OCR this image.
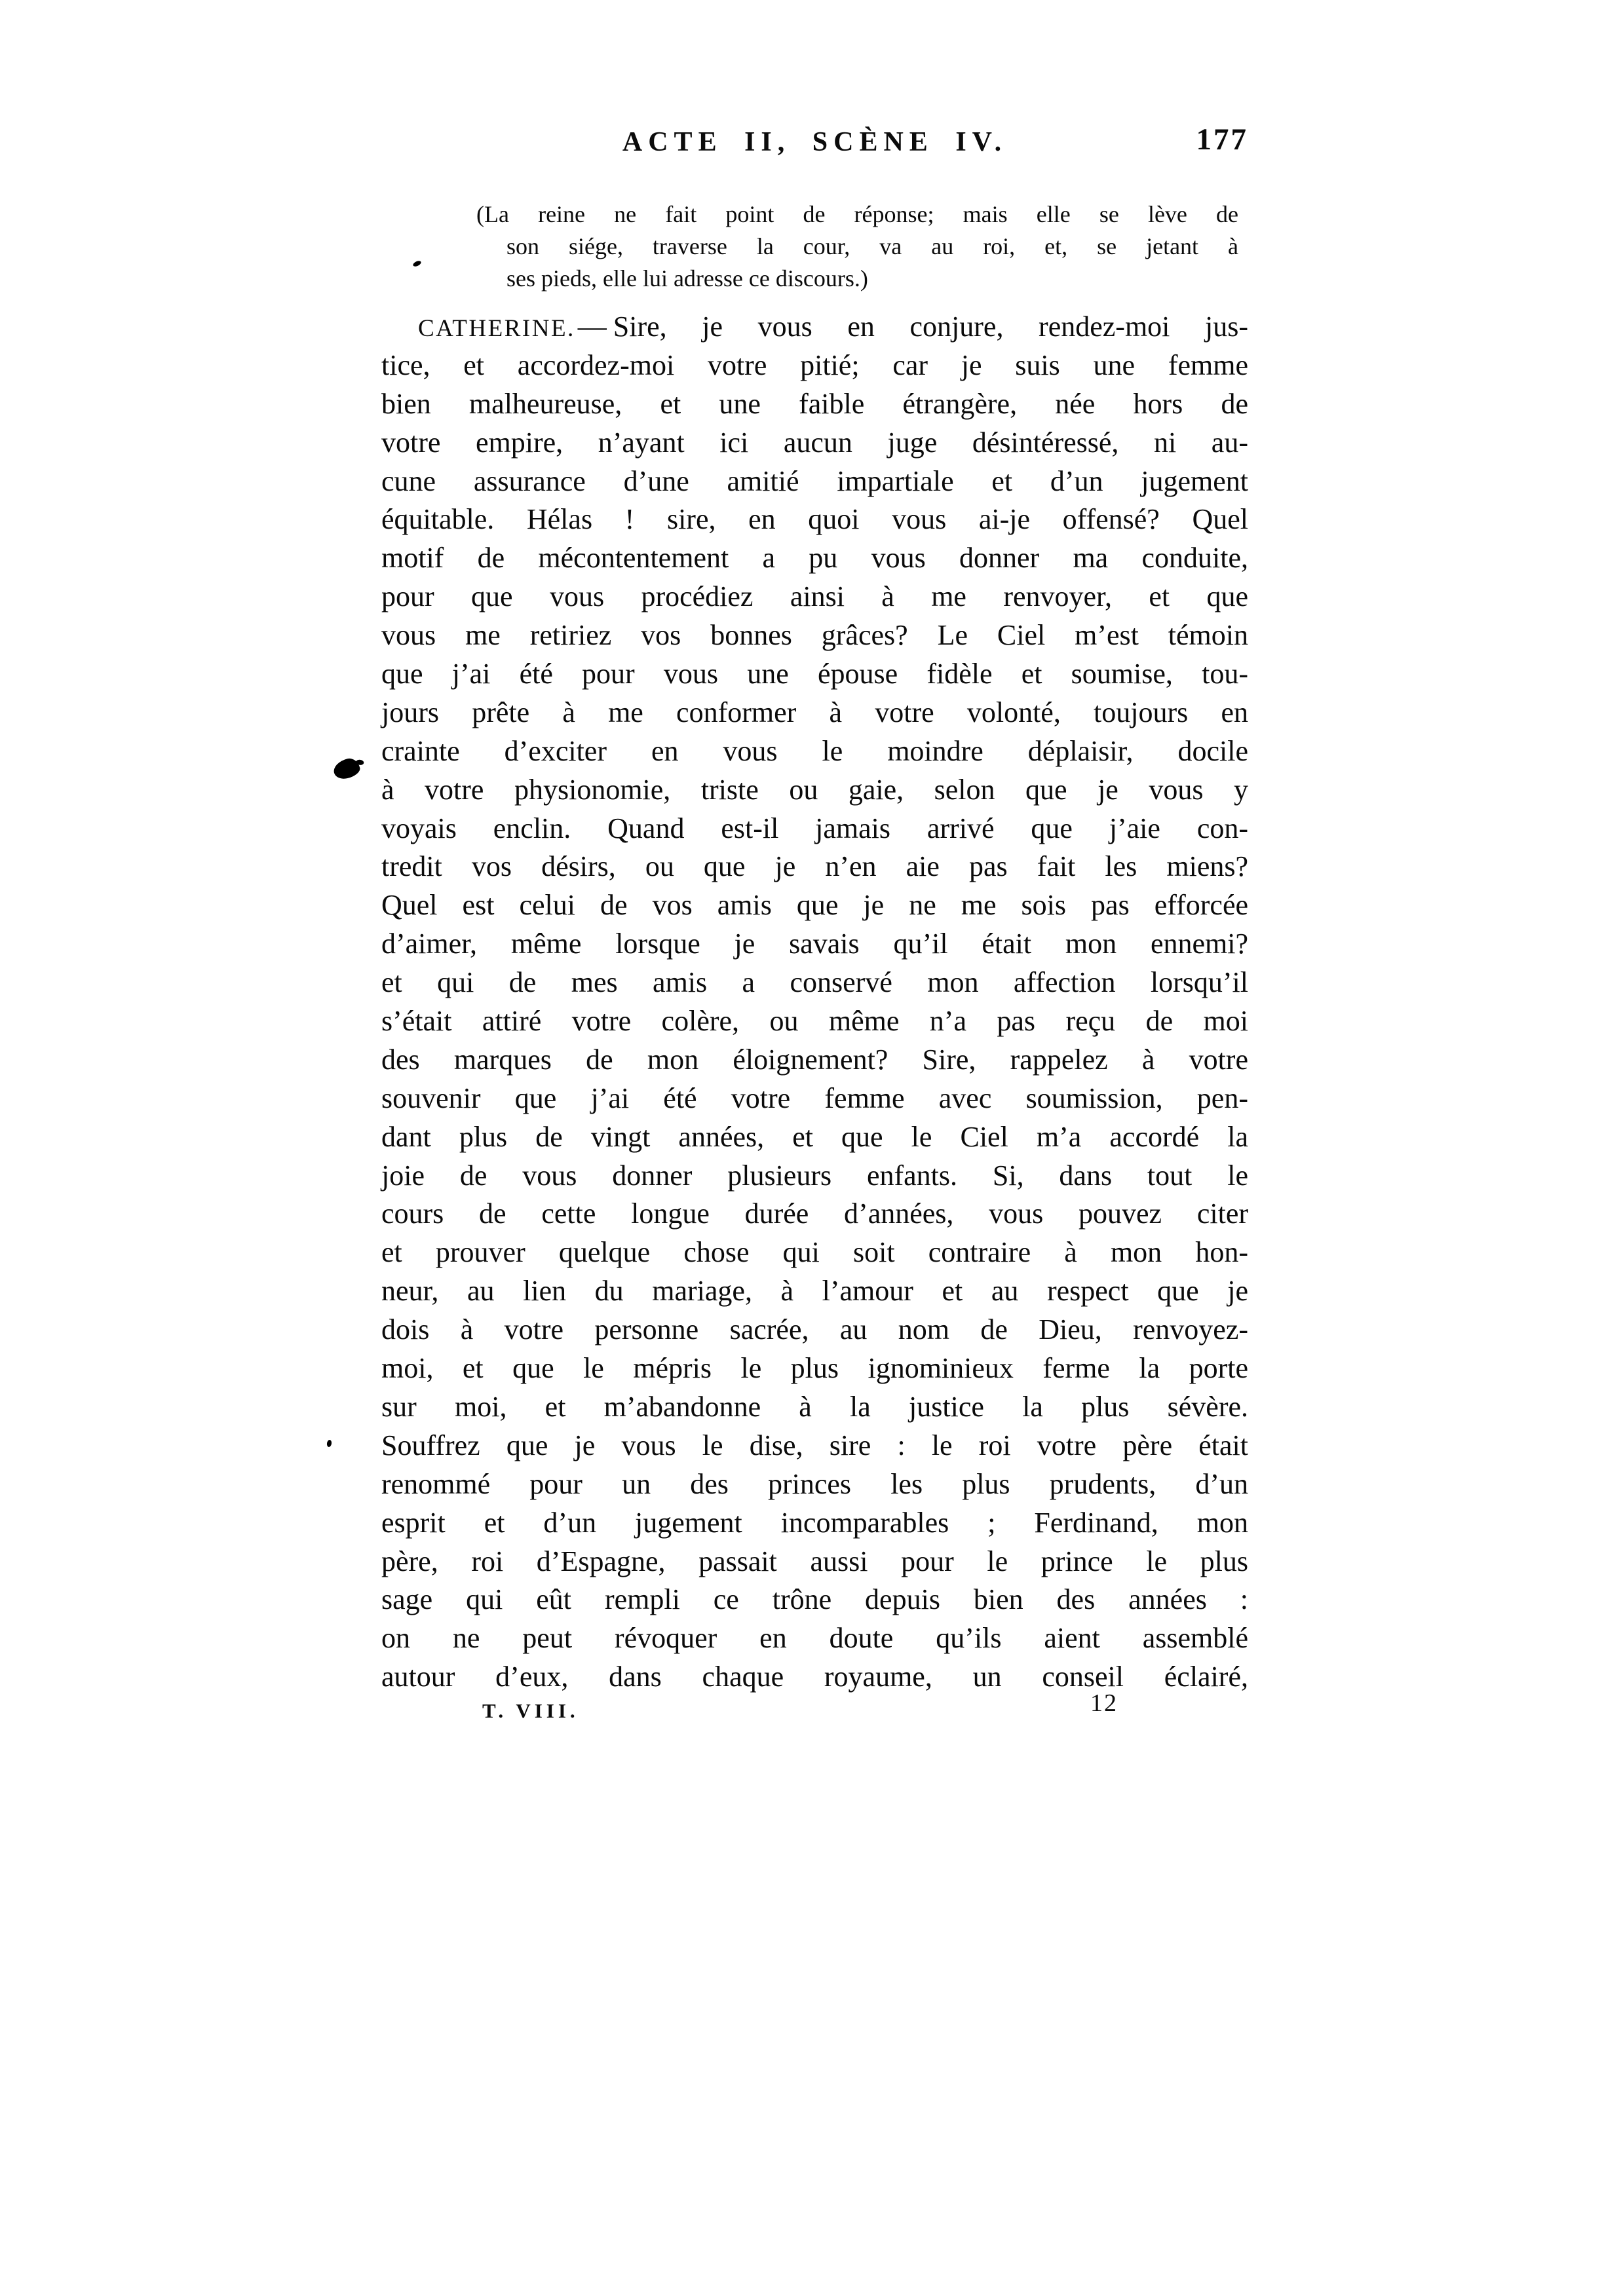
ACTE II, SCÈNE IV.	177
(La reine ne fait point de réponse; mais elle se lève de
son siége, traverse la cour, va au roi, et, se jetant à
ses pieds, elle lui adresse ce discours.)
CATHERINE.— Sire, je vous en conjure, rendez-moi jus-
tice, et accordez-moi votre pitié; car je suis une femme
bien malheureuse, et une faible étrangère, née hors de
votre empire, n’ayant ici aucun juge désintéressé, ni au-
cune assurance d’une amitié impartiale et d’un jugement
équitable. Hélas ! sire, en quoi vous ai-je offensé? Quel
motif de mécontentement a pu vous donner ma conduite,
pour que vous procédiez ainsi à me renvoyer, et que
vous me retiriez vos bonnes grâces? Le Ciel m’est témoin
que j’ai été pour vous une épouse fidèle et soumise, tou-
jours prête à me conformer à votre volonté, toujours en
crainte d’exciter en vous le moindre déplaisir, docile
à votre physionomie, triste ou gaie, selon que je vous y
voyais enclin. Quand est-il jamais arrivé que j’aie con-
tredit vos désirs, ou que je n’en aie pas fait les miens?
Quel est celui de vos amis que je ne me sois pas efforcée
d’aimer, même lorsque je savais qu’il était mon ennemi?
et qui de mes amis a conservé mon affection lorsqu’il
s’était attiré votre colère, ou même n’a pas reçu de moi
des marques de mon éloignement? Sire, rappelez à votre
souvenir que j’ai été votre femme avec soumission, pen-
dant plus de vingt années, et que le Ciel m’a accordé la
joie de vous donner plusieurs enfants. Si, dans tout le
cours de cette longue durée d’années, vous pouvez citer
et prouver quelque chose qui soit contraire à mon hon-
neur, au lien du mariage, à l’amour et au respect que je
dois à votre personne sacrée, au nom de Dieu, renvoyez-
moi, et que le mépris le plus ignominieux ferme la porte
sur moi, et m’abandonne à la justice la plus sévère.
Souffrez que je vous le dise, sire : le roi votre père était
renommé pour un des princes les plus prudents, d’un
esprit et d’un jugement incomparables ; Ferdinand, mon
père, roi d’Espagne, passait aussi pour le prince le plus
sage qui eût rempli ce trône depuis bien des années :
on ne peut révoquer en doute qu’ils aient assemblé
autour d’eux, dans chaque royaume, un conseil éclairé,
T. VIII.	12
